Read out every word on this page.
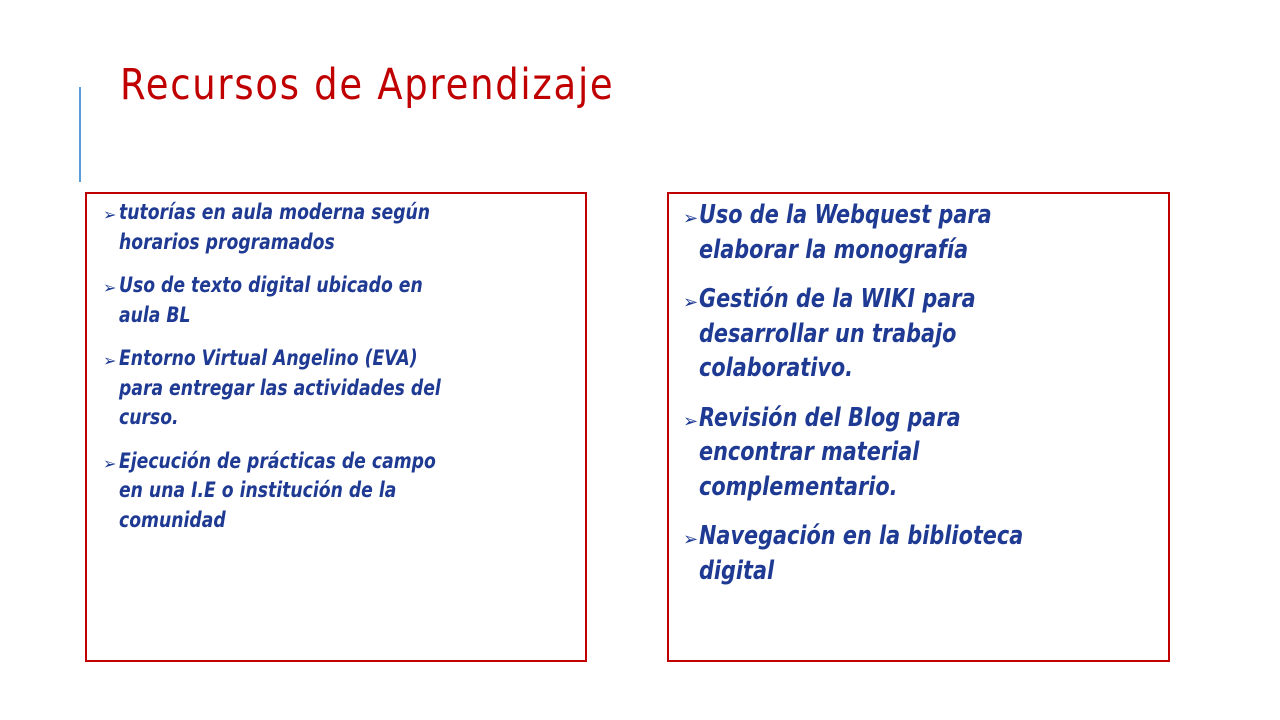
Recursos de Aprendizaje
➢ tutorías en aula moderna según
horarios programados
➢ Uso de texto digital ubicado en
aula BL
➢ Entorno Virtual Angelino (EVA)
para entregar las actividades del
curso.
➢ Ejecución de prácticas de campo
en una I.E o institución de la
comunidad
➢ Uso de la Webquest para
elaborar la monografía
➢ Gestión de la WIKI para
desarrollar un trabajo
colaborativo.
➢ Revisión del Blog para
encontrar material
complementario.
➢ Navegación en la biblioteca
digital
